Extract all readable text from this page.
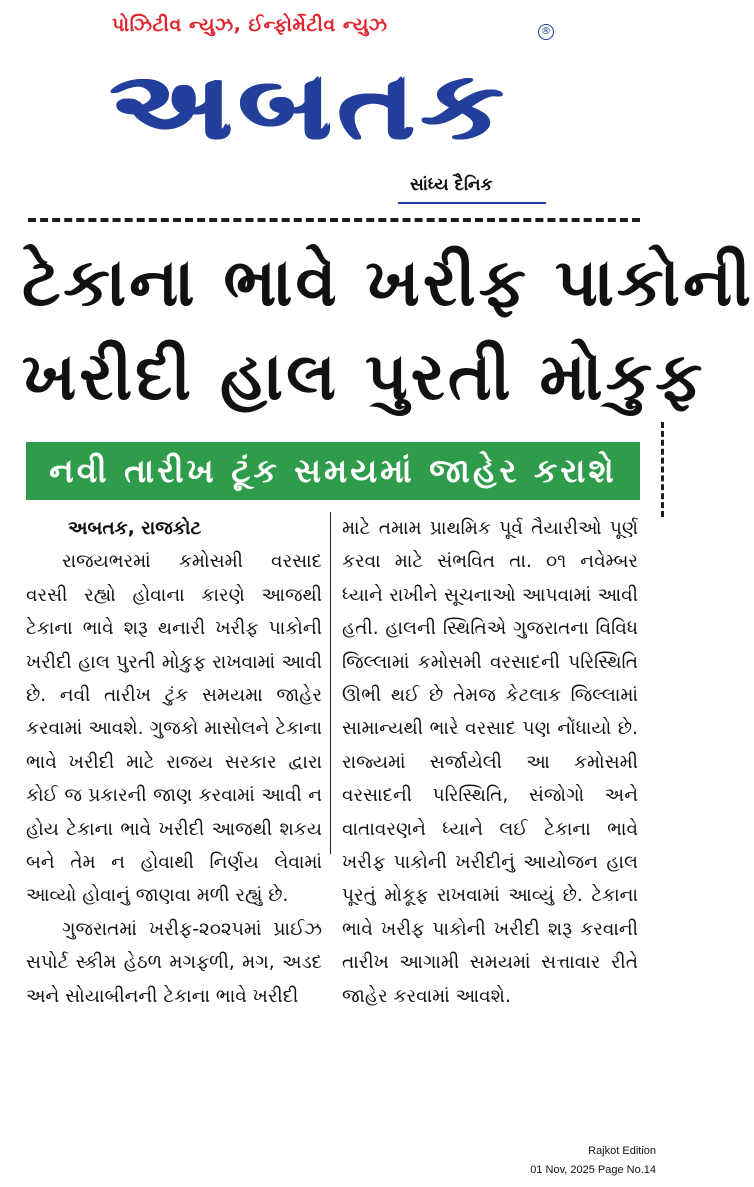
પોઝિટીવ ન્યુઝ, ઈન્ફોર્મેટીવ ન્યુઝ	®
અબતક
સાંધ્ય દૈનિક
ટેકાના ભાવે ખરીફ પાકોની
ખરીદી હાલ પુરતી મોકુફ
નવી તારીખ ટૂંક સમયમાં જાહેર કરાશે
અબતક, રાજકોટ

રાજયભરમાં કમોસમી વરસાદ વરસી રહ્યો હોવાના કારણે આજથી ટેકાના ભાવે શરૂ થનારી ખરીફ પાકોની ખરીદી હાલ પુરતી મોકુફ રાખવામાં આવી છે. નવી તારીખ ટુંક સમયમા જાહેર કરવામાં આવશે. ગુજકો માસોલને ટેકાના ભાવે ખરીદી માટે રાજય સરકાર દ્વારા કોઈ જ પ્રકારની જાણ કરવામાં આવી ન હોય ટેકાના ભાવે ખરીદી આજથી શકય બને તેમ ન હોવાથી નિર્ણય લેવામાં આવ્યો હોવાનું જાણવા મળી રહ્યું છે.

ગુજરાતમાં ખરીફ-૨૦૨૫માં પ્રાઈઝ સપોર્ટ સ્કીમ હેઠળ મગફળી, મગ, અડદ અને સોયાબીનની ટેકાના ભાવે ખરીદી

માટે તમામ પ્રાથમિક પૂર્વ તૈયારીઓ પૂર્ણ કરવા માટે સંભવિત તા. ૦૧ નવેમ્બર ધ્યાને રાખીને સૂચનાઓ આપવામાં આવી હતી. હાલની સ્થિતિએ ગુજરાતના વિવિધ જિલ્લામાં કમોસમી વરસાદની પરિસ્થિતિ ઊભી થઈ છે તેમજ કેટલાક જિલ્લામાં સામાન્યથી ભારે વરસાદ પણ નોંધાયો છે. રાજ્યમાં સર્જાયેલી આ કમોસમી વરસાદની પરિસ્થિતિ, સંજોગો અને વાતાવરણને ધ્યાને લઈ ટેકાના ભાવે ખરીફ પાકોની ખરીદીનું આયોજન હાલ પૂરતું મોકૂફ રાખવામાં આવ્યું છે. ટેકાના ભાવે ખરીફ પાકોની ખરીદી શરૂ કરવાની તારીખ આગામી સમયમાં સત્તાવાર રીતે જાહેર કરવામાં આવશે.

Rajkot Edition
01 Nov, 2025 Page No.14
